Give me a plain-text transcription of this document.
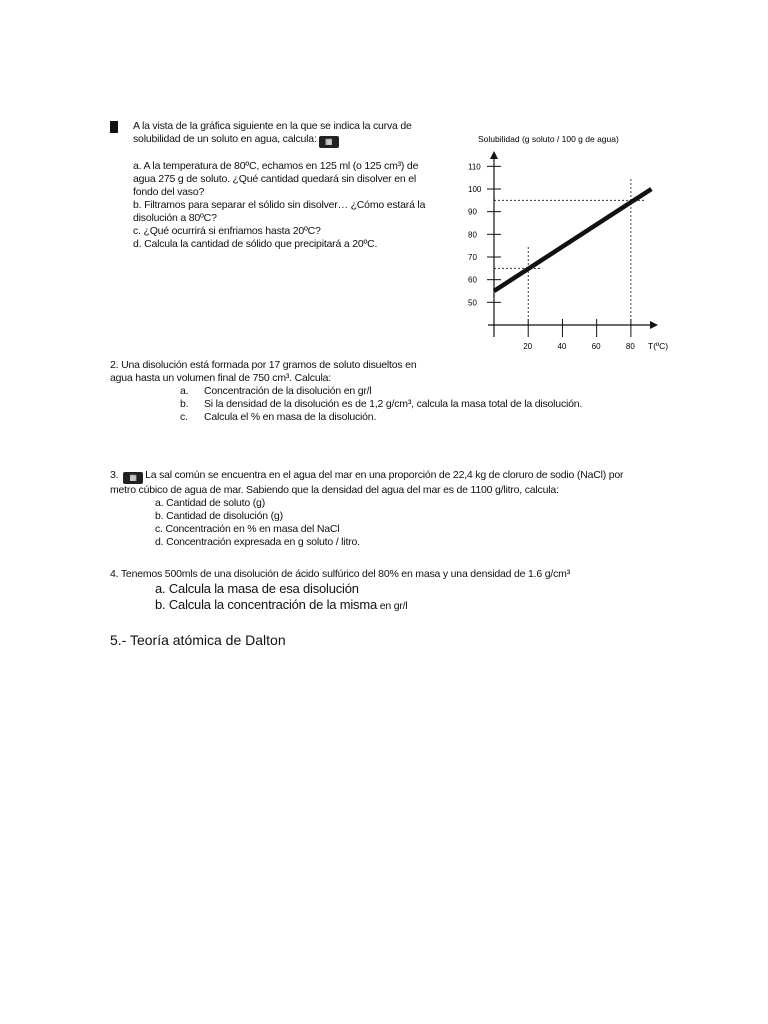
A la vista de la gráfica siguiente en la que se indica la curva de

solubilidad de un soluto en agua, calcula: ▦

a. A la temperatura de 80ºC, echamos en 125 ml (o 125 cm³) de

agua 275 g de soluto. ¿Qué cantidad quedará sin disolver en el

fondo del vaso?

b. Filtramos para separar el sólido sin disolver… ¿Cómo estará la

disolución a 80ºC?

c. ¿Qué ocurrirá si enfriamos hasta 20ºC?

d. Calcula la cantidad de sólido que precipitará a 20ºC.

Solubilidad (g soluto / 100 g de agua)
50
60
70
80
90
100
110
20	40	60	80 T(ºC)

2. Una disolución está formada por 17 gramos de soluto disueltos en

agua hasta un volumen final de 750 cm³. Calcula:

a. Concentración de la disolución en gr/l

b. Si la densidad de la disolución es de 1,2 g/cm³, calcula la masa total de la disolución.

c. Calcula el % en masa de la disolución.

3. ▦ La sal común se encuentra en el agua del mar en una proporción de 22,4 kg de cloruro de sodio (NaCl) por

metro cúbico de agua de mar. Sabiendo que la densidad del agua del mar es de 1100 g/litro, calcula:

a. Cantidad de soluto (g)

b. Cantidad de disolución (g)

c. Concentración en % en masa del NaCl

d. Concentración expresada en g soluto / litro.

4. Tenemos 500mls de una disolución de ácido sulfúrico del 80% en masa y una densidad de 1.6 g/cm³

a. Calcula la masa de esa disolución

b. Calcula la concentración de la misma en gr/l

5.- Teoría atómica de Dalton
